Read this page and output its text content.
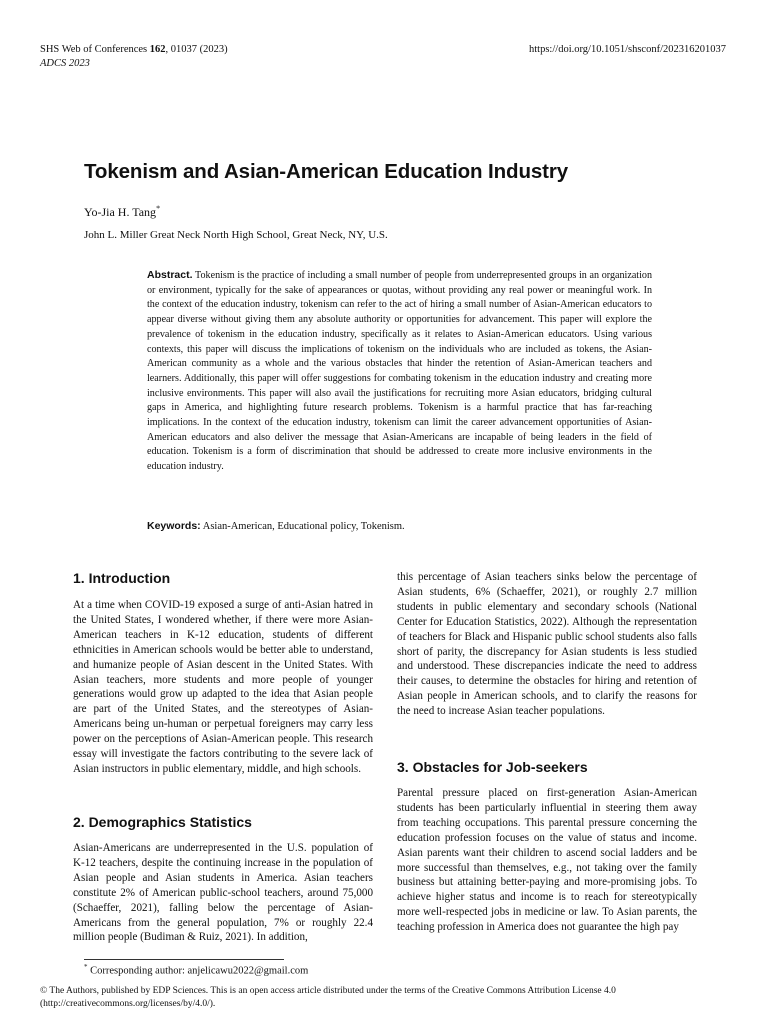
SHS Web of Conferences 162, 01037 (2023)	https://doi.org/10.1051/shsconf/202316201037
ADCS 2023
Tokenism and Asian-American Education Industry
Yo-Jia H. Tang*
John L. Miller Great Neck North High School, Great Neck, NY, U.S.
Abstract. Tokenism is the practice of including a small number of people from underrepresented groups in an organization or environment, typically for the sake of appearances or quotas, without providing any real power or meaningful work. In the context of the education industry, tokenism can refer to the act of hiring a small number of Asian-American educators to appear diverse without giving them any absolute authority or opportunities for advancement. This paper will explore the prevalence of tokenism in the education industry, specifically as it relates to Asian-American educators. Using various contexts, this paper will discuss the implications of tokenism on the individuals who are included as tokens, the Asian-American community as a whole and the various obstacles that hinder the retention of Asian-American teachers and learners. Additionally, this paper will offer suggestions for combating tokenism in the education industry and creating more inclusive environments. This paper will also avail the justifications for recruiting more Asian educators, bridging cultural gaps in America, and highlighting future research problems. Tokenism is a harmful practice that has far-reaching implications. In the context of the education industry, tokenism can limit the career advancement opportunities of Asian-American educators and also deliver the message that Asian-Americans are incapable of being leaders in the field of education. Tokenism is a form of discrimination that should be addressed to create more inclusive environments in the education industry.
Keywords: Asian-American, Educational policy, Tokenism.
1. Introduction

At a time when COVID-19 exposed a surge of anti-Asian hatred in the United States, I wondered whether, if there were more Asian-American teachers in K-12 education, students of different ethnicities in American schools would be better able to understand, and humanize people of Asian descent in the United States. With Asian teachers, more students and more people of younger generations would grow up adapted to the idea that Asian people are part of the United States, and the stereotypes of Asian-Americans being un-human or perpetual foreigners may carry less power on the perceptions of Asian-American people. This research essay will investigate the factors contributing to the severe lack of Asian instructors in public elementary, middle, and high schools.

2. Demographics Statistics

Asian-Americans are underrepresented in the U.S. population of K-12 teachers, despite the continuing increase in the population of Asian people and Asian students in America. Asian teachers constitute 2% of American public-school teachers, around 75,000 (Schaeffer, 2021), falling below the percentage of Asian-Americans from the general population, 7% or roughly 22.4 million people (Budiman & Ruiz, 2021). In addition,

this percentage of Asian teachers sinks below the percentage of Asian students, 6% (Schaeffer, 2021), or roughly 2.7 million students in public elementary and secondary schools (National Center for Education Statistics, 2022). Although the representation of teachers for Black and Hispanic public school students also falls short of parity, the discrepancy for Asian students is less studied and understood. These discrepancies indicate the need to address their causes, to determine the obstacles for hiring and retention of Asian people in American schools, and to clarify the reasons for the need to increase Asian teacher populations.

3. Obstacles for Job-seekers

Parental pressure placed on first-generation Asian-American students has been particularly influential in steering them away from teaching occupations. This parental pressure concerning the education profession focuses on the value of status and income. Asian parents want their children to ascend social ladders and be more successful than themselves, e.g., not taking over the family business but attaining better-paying and more-promising jobs. To achieve higher status and income is to reach for stereotypically more well-respected jobs in medicine or law. To Asian parents, the teaching profession in America does not guarantee the high pay

* Corresponding author: anjelicawu2022@gmail.com
© The Authors, published by EDP Sciences. This is an open access article distributed under the terms of the Creative Commons Attribution License 4.0 (http://creativecommons.org/licenses/by/4.0/).
